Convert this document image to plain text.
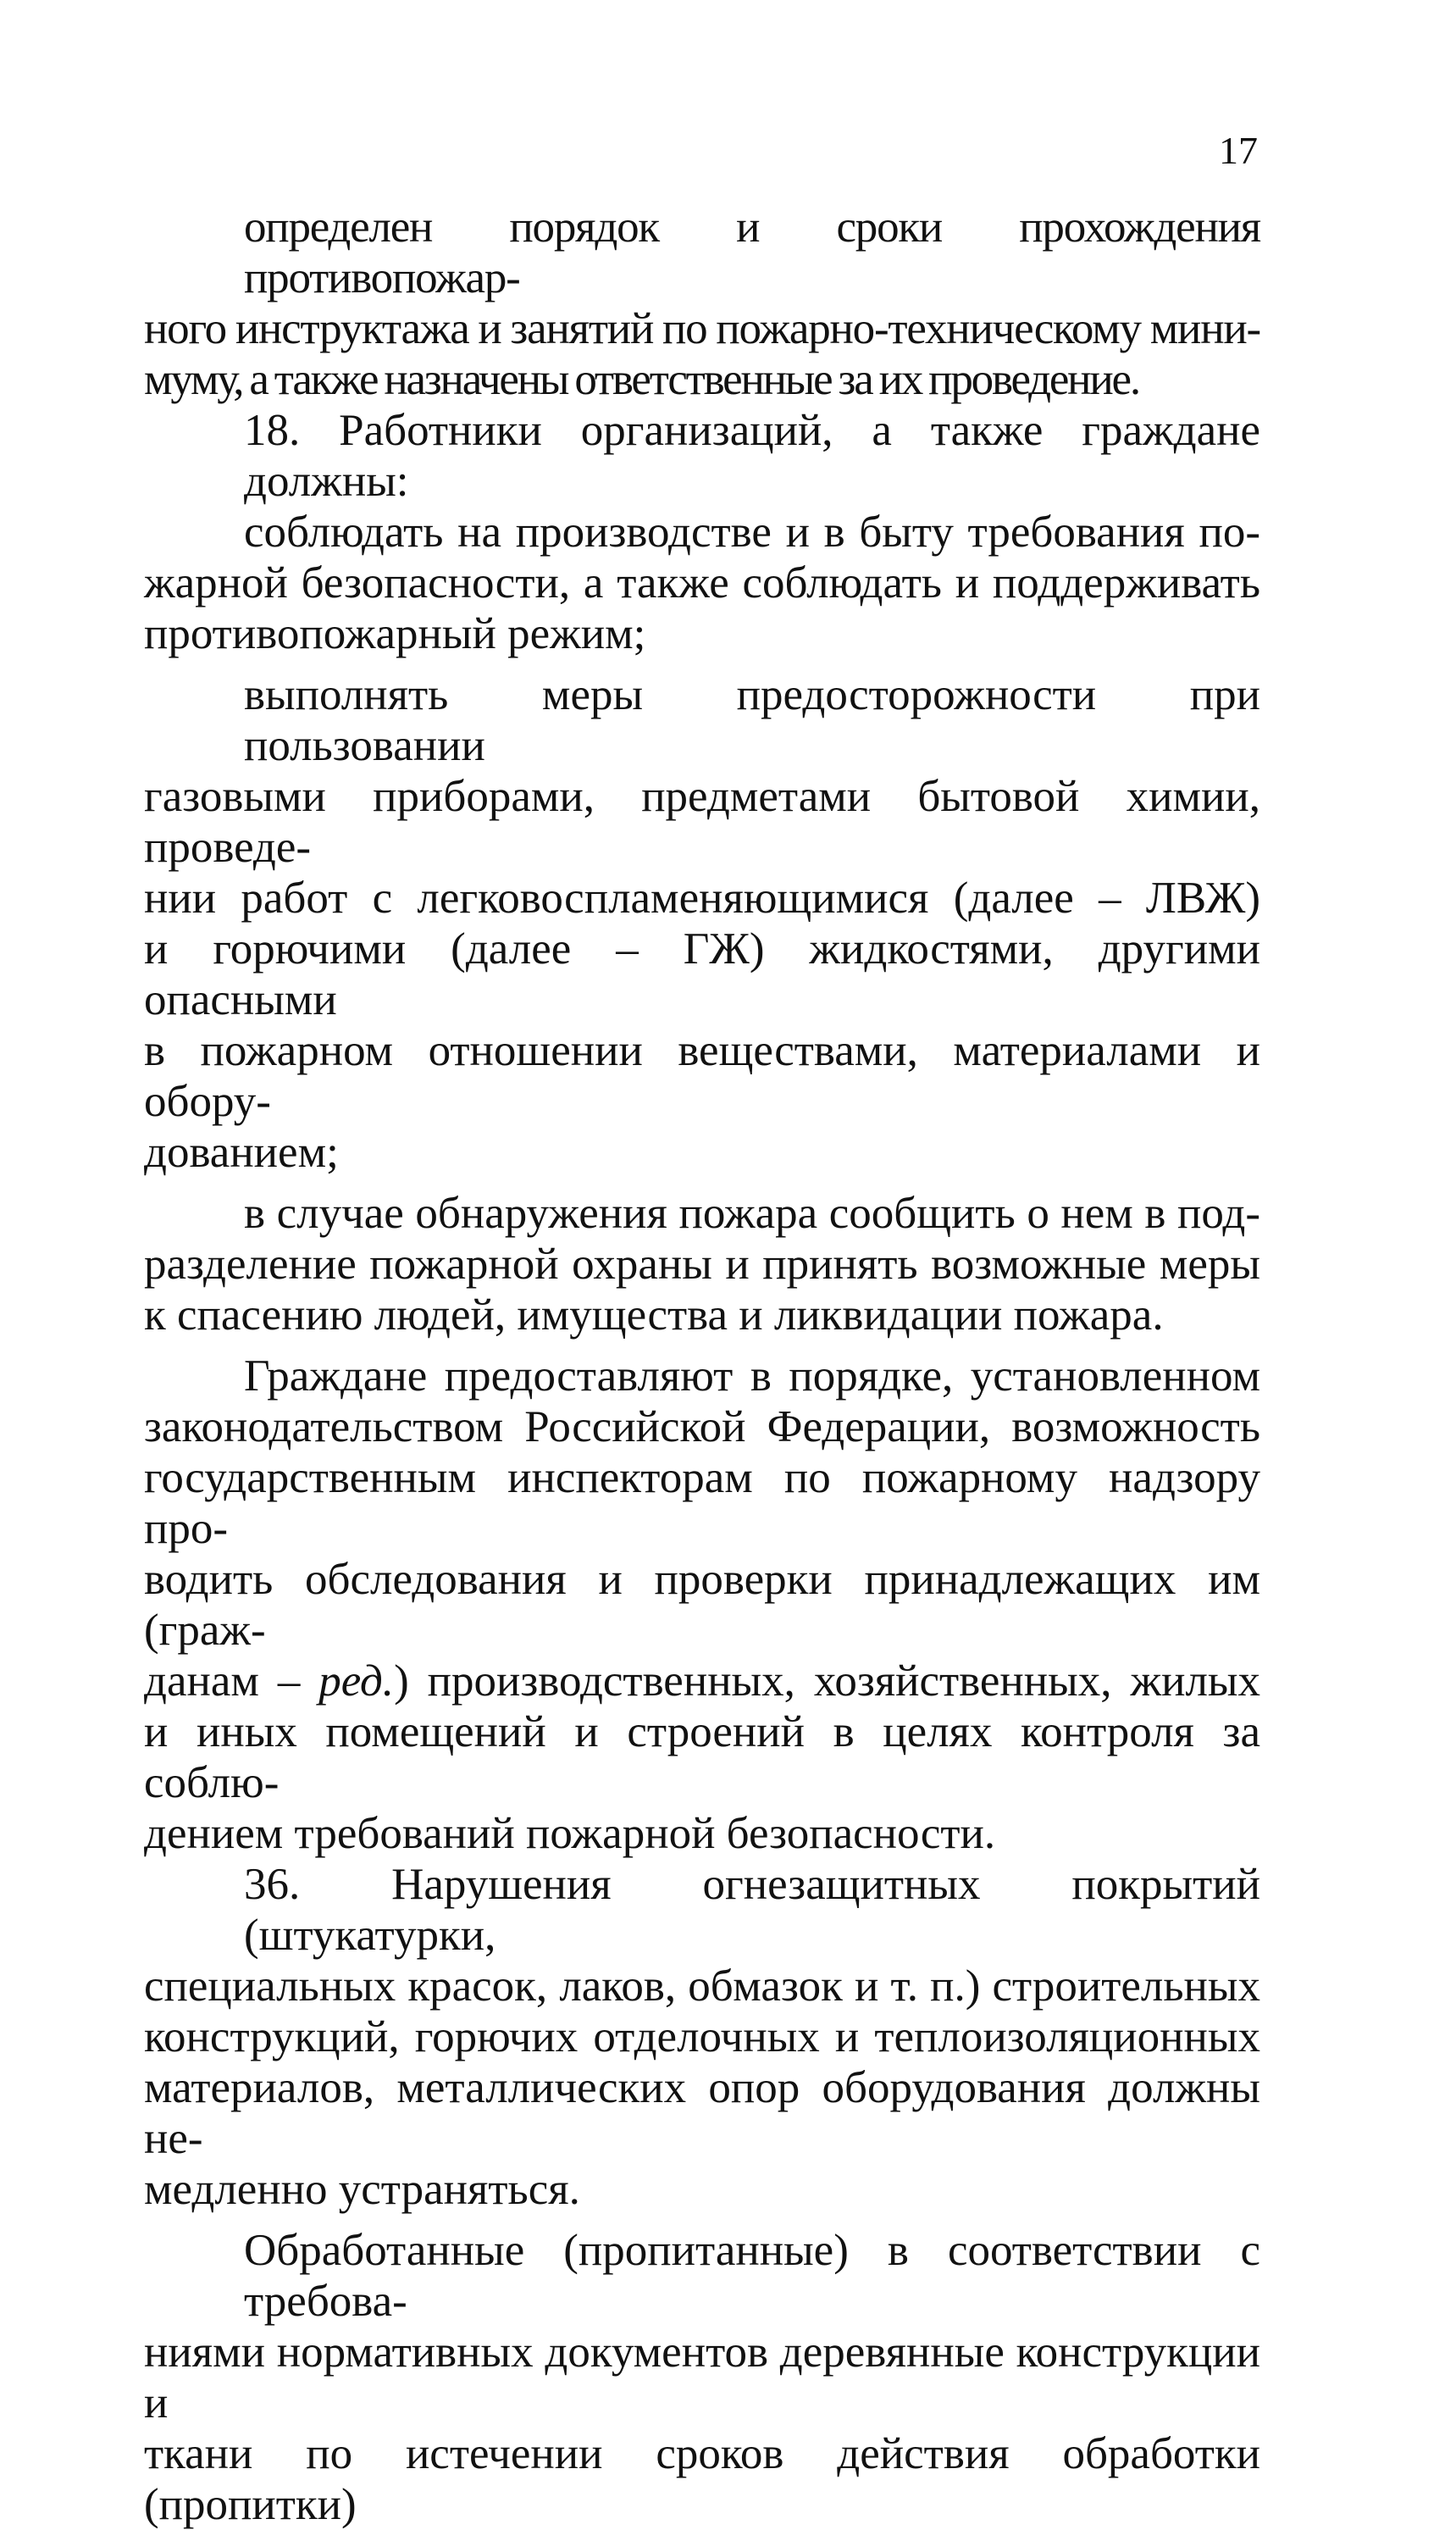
17

определен порядок и сроки прохождения противопожар-
ного инструктажа и занятий по пожарно-техническому мини-
муму, а также назначены ответственные за их проведение.

18. Работники организаций, а также граждане должны:

соблюдать на производстве и в быту требования по-
жарной безопасности, а также соблюдать и поддерживать
противопожарный режим;

выполнять меры предосторожности при пользовании
газовыми приборами, предметами бытовой химии, проведе-
нии работ с легковоспламеняющимися (далее – ЛВЖ)
и горючими (далее – ГЖ) жидкостями, другими опасными
в пожарном отношении веществами, материалами и обору-
дованием;

в случае обнаружения пожара сообщить о нем в под-
разделение пожарной охраны и принять возможные меры
к спасению людей, имущества и ликвидации пожара.

Граждане предоставляют в порядке, установленном
законодательством Российской Федерации, возможность
государственным инспекторам по пожарному надзору про-
водить обследования и проверки принадлежащих им (граж-
данам – ред.) производственных, хозяйственных, жилых
и иных помещений и строений в целях контроля за соблю-
дением требований пожарной безопасности.

36. Нарушения огнезащитных покрытий (штукатурки,
специальных красок, лаков, обмазок и т. п.) строительных
конструкций, горючих отделочных и теплоизоляционных
материалов, металлических опор оборудования должны не-
медленно устраняться.

Обработанные (пропитанные) в соответствии с требова-
ниями нормативных документов деревянные конструкции и
ткани по истечении сроков действия обработки (пропитки)
